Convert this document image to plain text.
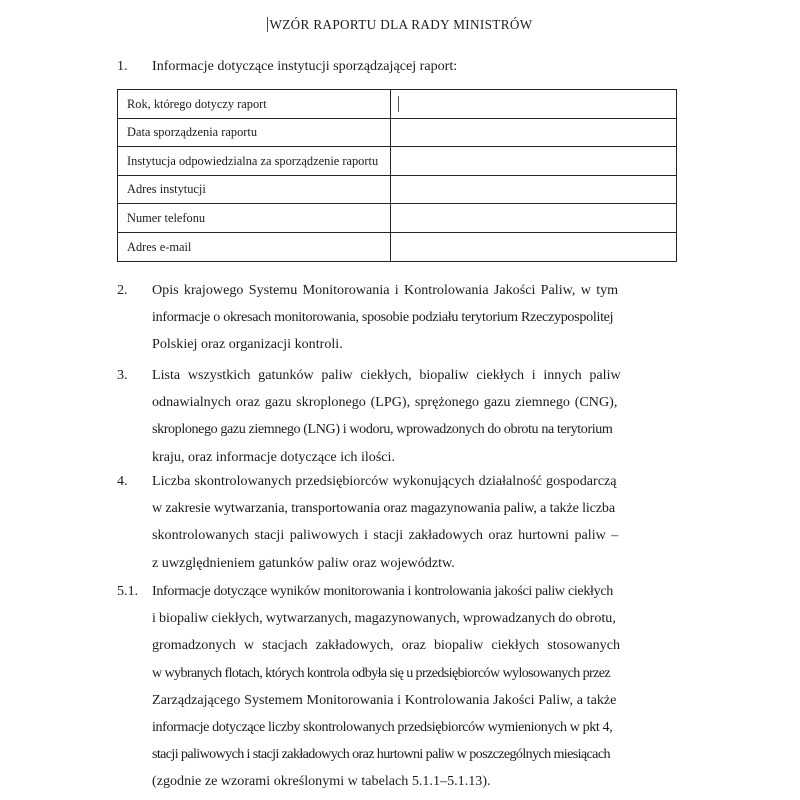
WZÓR RAPORTU DLA RADY MINISTRÓW
1.	Informacje dotyczące instytucji sporządzającej raport:
Rok, którego dotyczy raport	
Data sporządzenia raportu	
Instytucja odpowiedzialna za sporządzenie raportu	
Adres instytucji	
Numer telefonu	
Adres e-mail	
2.	Opis krajowego Systemu Monitorowania i Kontrolowania Jakości Paliw, w tym
informacje o okresach monitorowania, sposobie podziału terytorium Rzeczypospolitej
Polskiej oraz organizacji kontroli.
3.	Lista wszystkich gatunków paliw ciekłych, biopaliw ciekłych i innych paliw
odnawialnych oraz gazu skroplonego (LPG), sprężonego gazu ziemnego (CNG),
skroplonego gazu ziemnego (LNG) i wodoru, wprowadzonych do obrotu na terytorium
kraju, oraz informacje dotyczące ich ilości.
4.	Liczba skontrolowanych przedsiębiorców wykonujących działalność gospodarczą
w zakresie wytwarzania, transportowania oraz magazynowania paliw, a także liczba
skontrolowanych stacji paliwowych i stacji zakładowych oraz hurtowni paliw –
z uwzględnieniem gatunków paliw oraz województw.
5.1. Informacje dotyczące wyników monitorowania i kontrolowania jakości paliw ciekłych
i biopaliw ciekłych, wytwarzanych, magazynowanych, wprowadzanych do obrotu,
gromadzonych w stacjach zakładowych, oraz biopaliw ciekłych stosowanych
w wybranych flotach, których kontrola odbyła się u przedsiębiorców wylosowanych przez
Zarządzającego Systemem Monitorowania i Kontrolowania Jakości Paliw, a także
informacje dotyczące liczby skontrolowanych przedsiębiorców wymienionych w pkt 4,
stacji paliwowych i stacji zakładowych oraz hurtowni paliw w poszczególnych miesiącach
(zgodnie ze wzorami określonymi w tabelach 5.1.1–5.1.13).
